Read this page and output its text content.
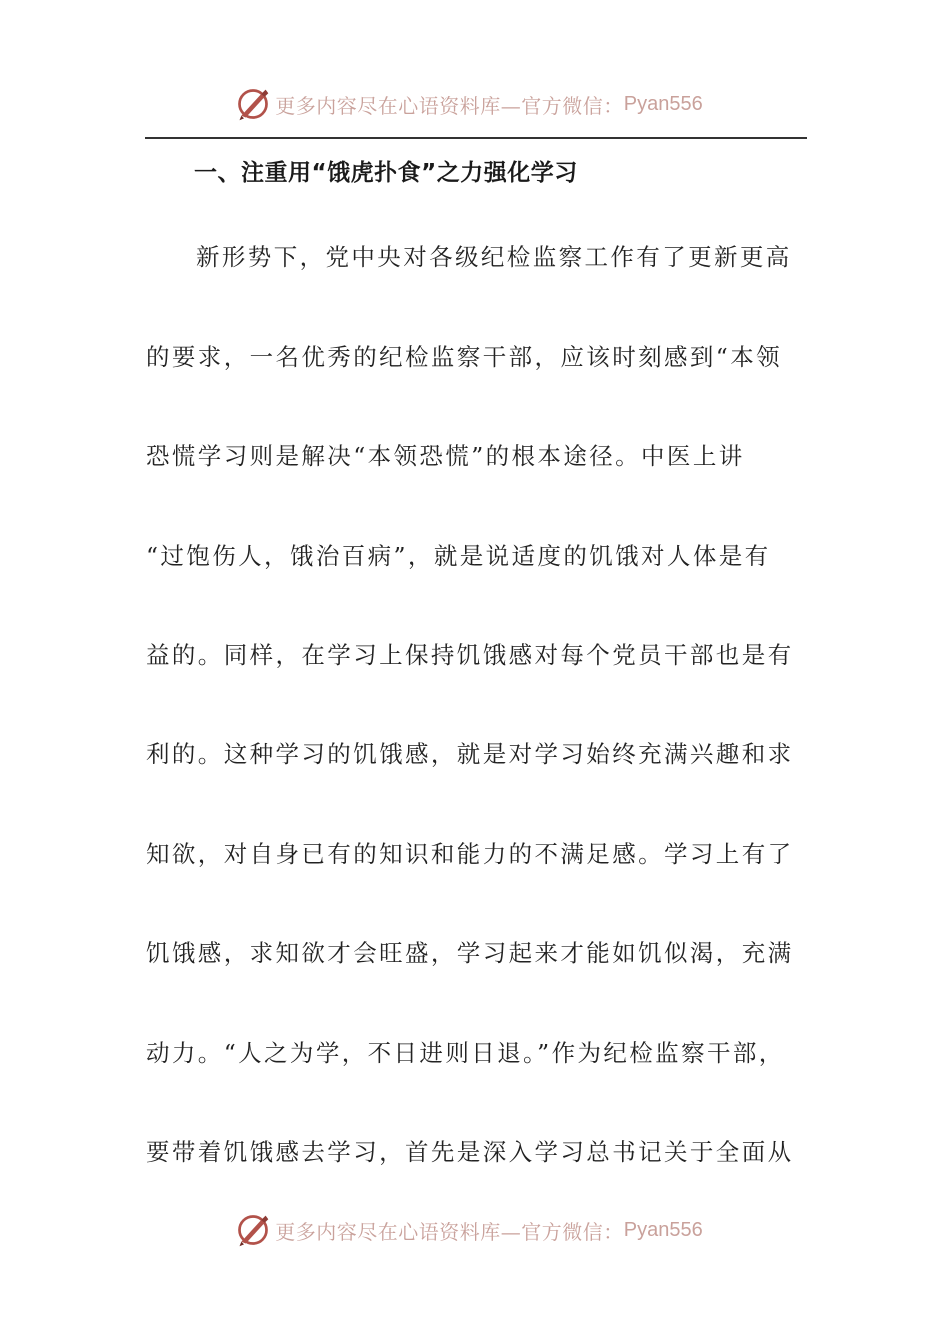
更多内容尽在心语资料库—官方微信： Pyan556
一、注重用“饿虎扑食”之力强化学习
新形势下，党中央对各级纪检监察工作有了更新更高
的要求，一名优秀的纪检监察干部，应该时刻感到“本领
恐慌学习则是解决“本领恐慌”的根本途径。中医上讲
“过饱伤人，饿治百病”，就是说适度的饥饿对人体是有
益的。同样，在学习上保持饥饿感对每个党员干部也是有
利的。这种学习的饥饿感，就是对学习始终充满兴趣和求
知欲，对自身已有的知识和能力的不满足感。学习上有了
饥饿感，求知欲才会旺盛，学习起来才能如饥似渴，充满
动力。“人之为学，不日进则日退。”作为纪检监察干部，
要带着饥饿感去学习，首先是深入学习总书记关于全面从
更多内容尽在心语资料库—官方微信： Pyan556
